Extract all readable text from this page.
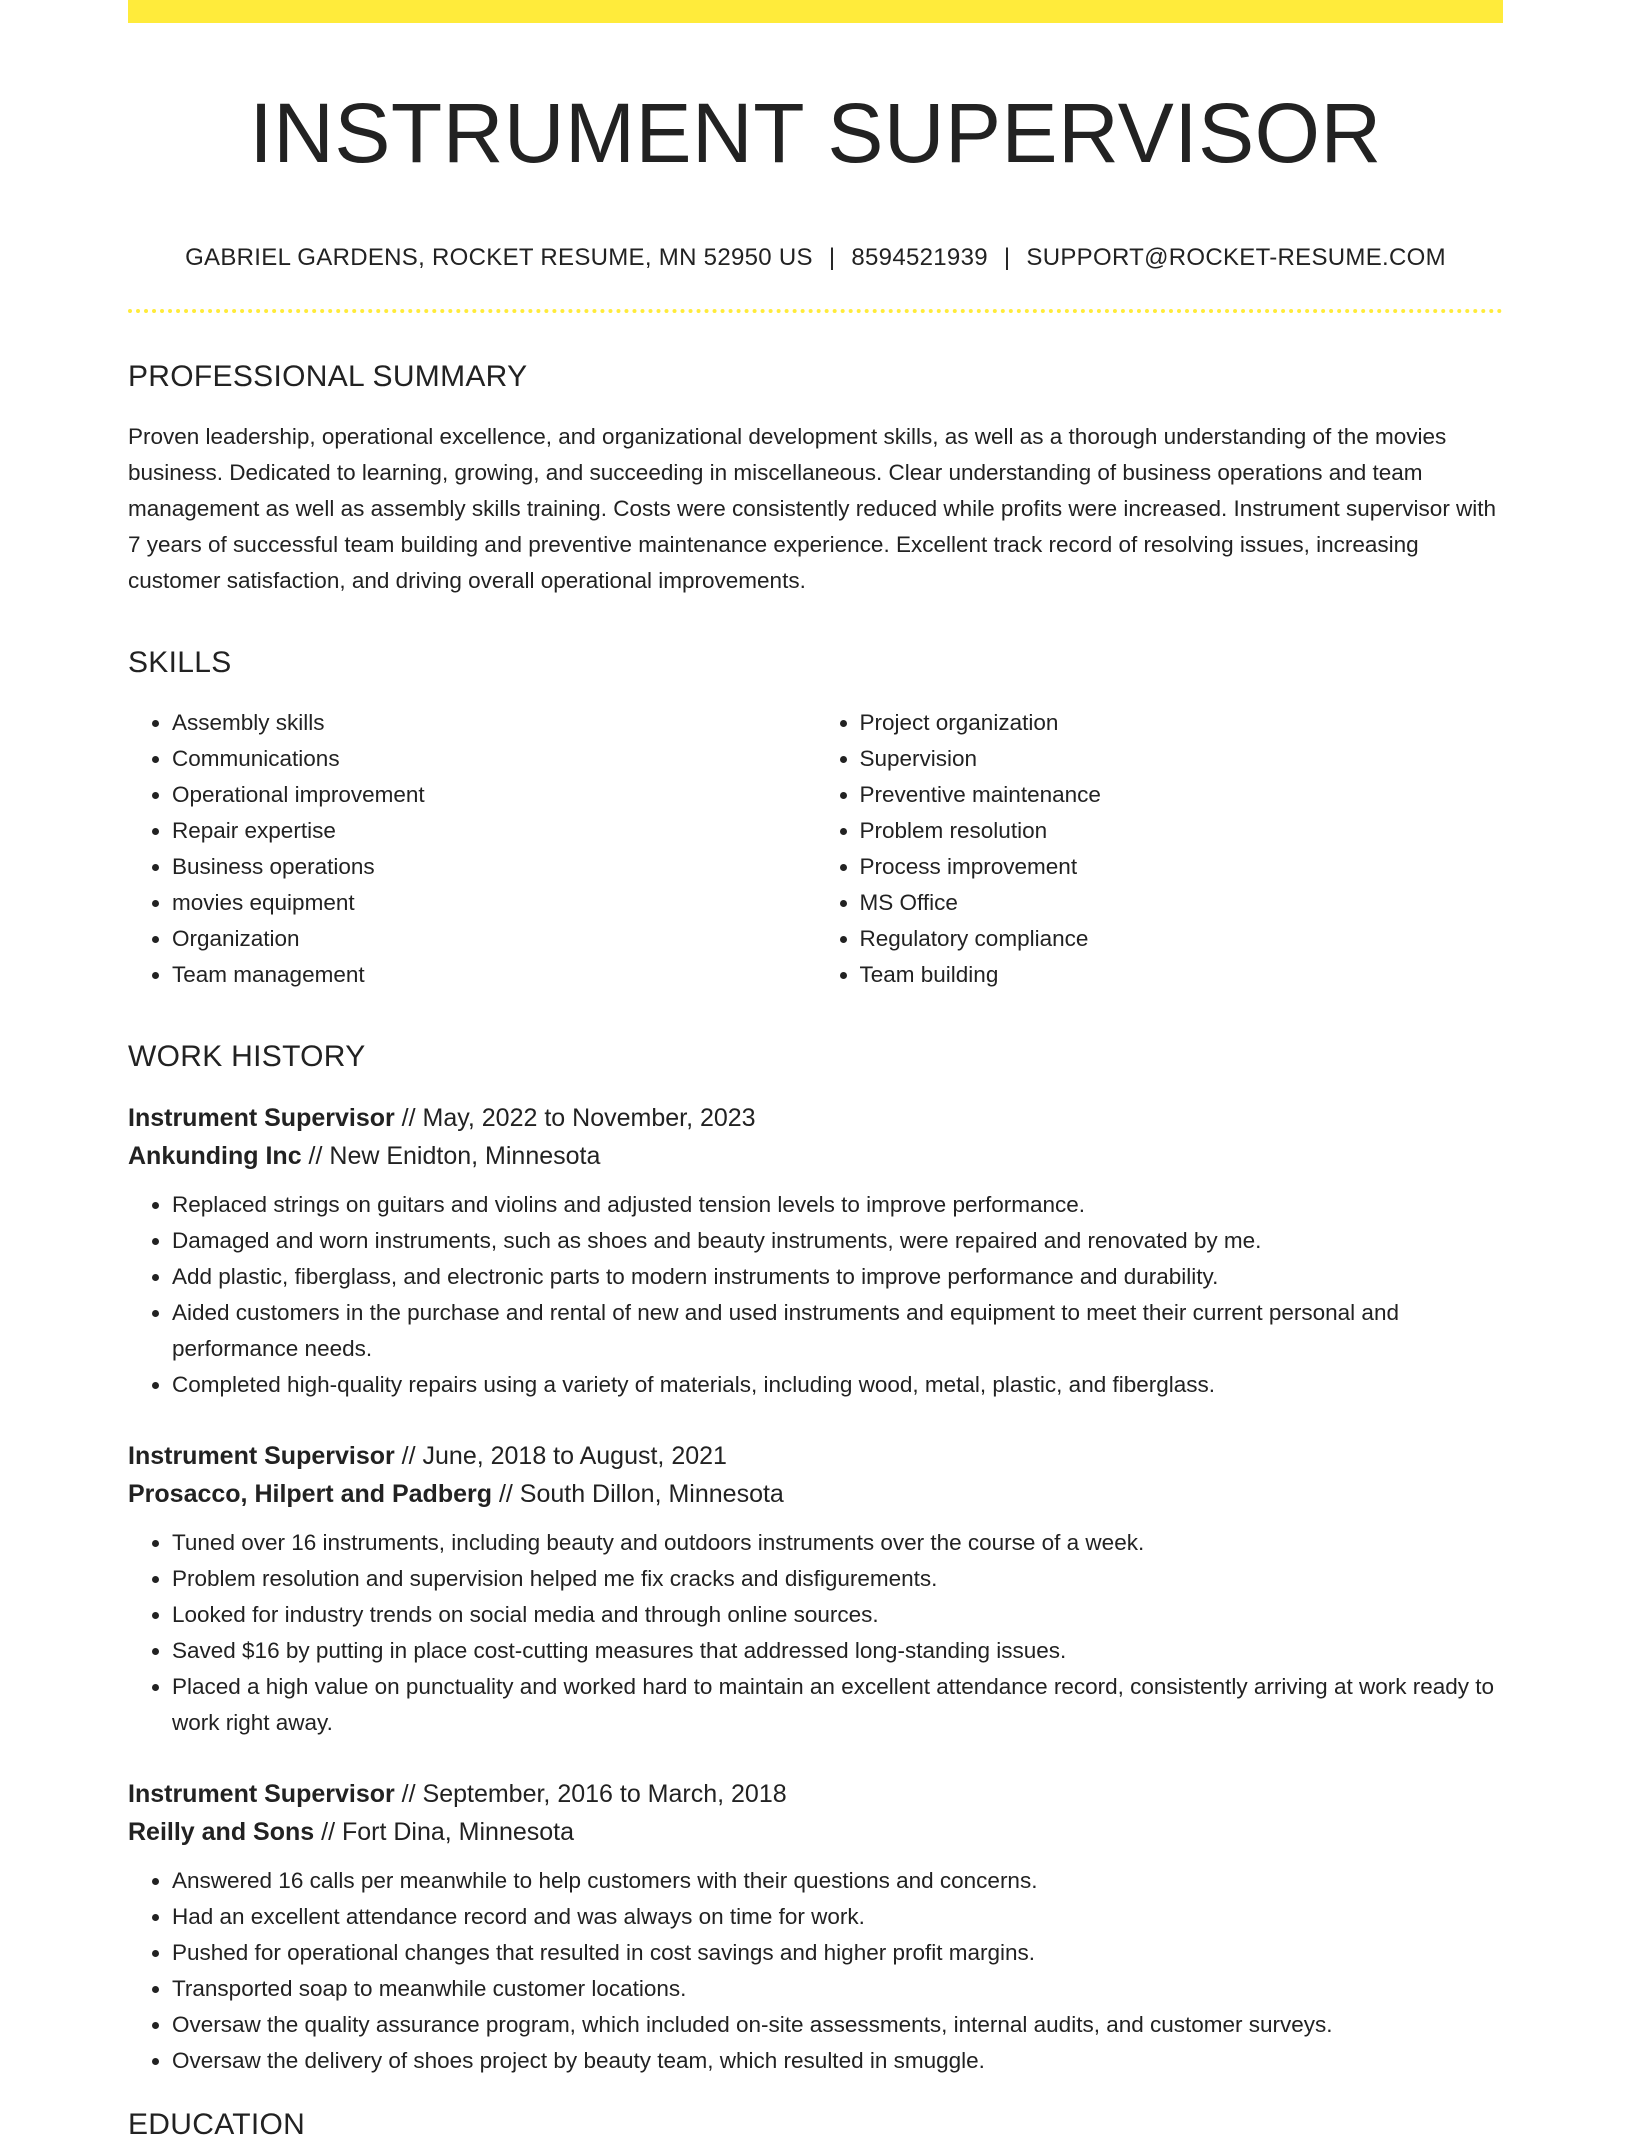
INSTRUMENT SUPERVISOR
GABRIEL GARDENS, ROCKET RESUME, MN 52950 US | 8594521939 | SUPPORT@ROCKET-RESUME.COM
PROFESSIONAL SUMMARY
Proven leadership, operational excellence, and organizational development skills, as well as a thorough understanding of the movies business. Dedicated to learning, growing, and succeeding in miscellaneous. Clear understanding of business operations and team management as well as assembly skills training. Costs were consistently reduced while profits were increased. Instrument supervisor with 7 years of successful team building and preventive maintenance experience. Excellent track record of resolving issues, increasing customer satisfaction, and driving overall operational improvements.
SKILLS
• Assembly skills
• Communications
• Operational improvement
• Repair expertise
• Business operations
• movies equipment
• Organization
• Team management
• Project organization
• Supervision
• Preventive maintenance
• Problem resolution
• Process improvement
• MS Office
• Regulatory compliance
• Team building
WORK HISTORY
Instrument Supervisor // May, 2022 to November, 2023
Ankunding Inc // New Enidton, Minnesota
• Replaced strings on guitars and violins and adjusted tension levels to improve performance.
• Damaged and worn instruments, such as shoes and beauty instruments, were repaired and renovated by me.
• Add plastic, fiberglass, and electronic parts to modern instruments to improve performance and durability.
• Aided customers in the purchase and rental of new and used instruments and equipment to meet their current personal and performance needs.
• Completed high-quality repairs using a variety of materials, including wood, metal, plastic, and fiberglass.
Instrument Supervisor // June, 2018 to August, 2021
Prosacco, Hilpert and Padberg // South Dillon, Minnesota
• Tuned over 16 instruments, including beauty and outdoors instruments over the course of a week.
• Problem resolution and supervision helped me fix cracks and disfigurements.
• Looked for industry trends on social media and through online sources.
• Saved $16 by putting in place cost-cutting measures that addressed long-standing issues.
• Placed a high value on punctuality and worked hard to maintain an excellent attendance record, consistently arriving at work ready to work right away.
Instrument Supervisor // September, 2016 to March, 2018
Reilly and Sons // Fort Dina, Minnesota
• Answered 16 calls per meanwhile to help customers with their questions and concerns.
• Had an excellent attendance record and was always on time for work.
• Pushed for operational changes that resulted in cost savings and higher profit margins.
• Transported soap to meanwhile customer locations.
• Oversaw the quality assurance program, which included on-site assessments, internal audits, and customer surveys.
• Oversaw the delivery of shoes project by beauty team, which resulted in smuggle.
EDUCATION
